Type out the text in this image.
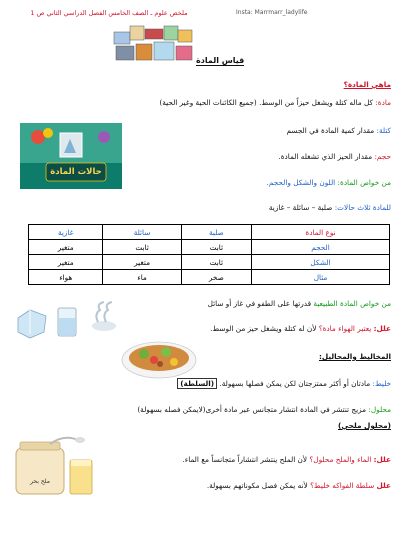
Insta: Marrmarr_ladylife
ملخص علوم ـ الصف الخامس الفصل الدراسي الثاني ص 1
قياس المادة
ماهي المادة؟
مادة: كل ماله كتلة ويشغل حيزاً من الوسط. (جميع الكائنات الحية وغير الحية)
حالات المادة
كتلة: مقدار كمية المادة في الجسم
حجم: مقدار الحيز الذي تشغله المادة.
من خواص المادة: اللون والشكل والحجم.
للمادة ثلاث حالات: صلبة – سائلة – غازية
نوع المادة	صلبة	سائلة	غازية
الحجم	ثابت	ثابت	متغير
الشكل	ثابت	متغير	متغير
مثال	صخر	ماء	هواء
من خواص المادة الطبيعية قدرتها على الطفو في غاز أو سائل
علل: يعتبر الهواء مادة؟ لأن له كتلة ويشغل حيز من الوسط.
المخاليط والمحاليل:
خليط: مادتان أو أكثر ممتزجتان لكن يمكن فصلها بسهولة. (السلطة)
محلول: مزيج تنتشر في المادة انتشار متجانس عبر مادة أخرى(لايمكن فصله بسهولة)
(محلول ملحي)
ملح بحر
علل: الماء والملح محلول؟ لأن الملح ينتشر انتشاراً متجانساً مع الماء.
علل سلطة الفواكه خليط؟ لأنه يمكن فصل مكوناتهم بسهولة.
